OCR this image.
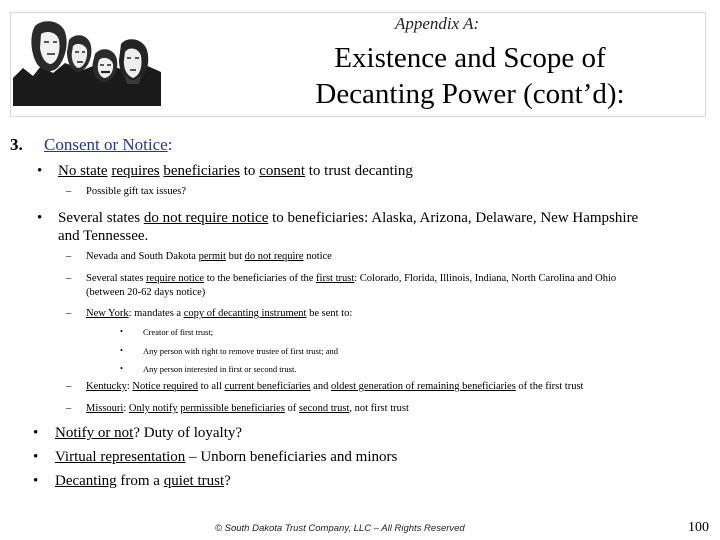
Appendix A:
Existence and Scope of
Decanting Power (cont’d):
3. Consent or Notice:
• No state requires beneficiaries to consent to trust decanting
– Possible gift tax issues?
• Several states do not require notice to beneficiaries: Alaska, Arizona, Delaware, New Hampshire
and Tennessee.
– Nevada and South Dakota permit but do not require notice
– Several states require notice to the beneficiaries of the first trust: Colorado, Florida, Illinois, Indiana, North Carolina and Ohio
(between 20-62 days notice)
– New York: mandates a copy of decanting instrument be sent to:
• Creator of first trust;
• Any person with right to remove trustee of first trust; and
• Any person interested in first or second trust.
– Kentucky: Notice required to all current beneficiaries and oldest generation of remaining beneficiaries of the first trust
– Missouri: Only notify permissible beneficiaries of second trust, not first trust
• Notify or not? Duty of loyalty?
• Virtual representation – Unborn beneficiaries and minors
• Decanting from a quiet trust?
© South Dakota Trust Company, LLC – All Rights Reserved	100
